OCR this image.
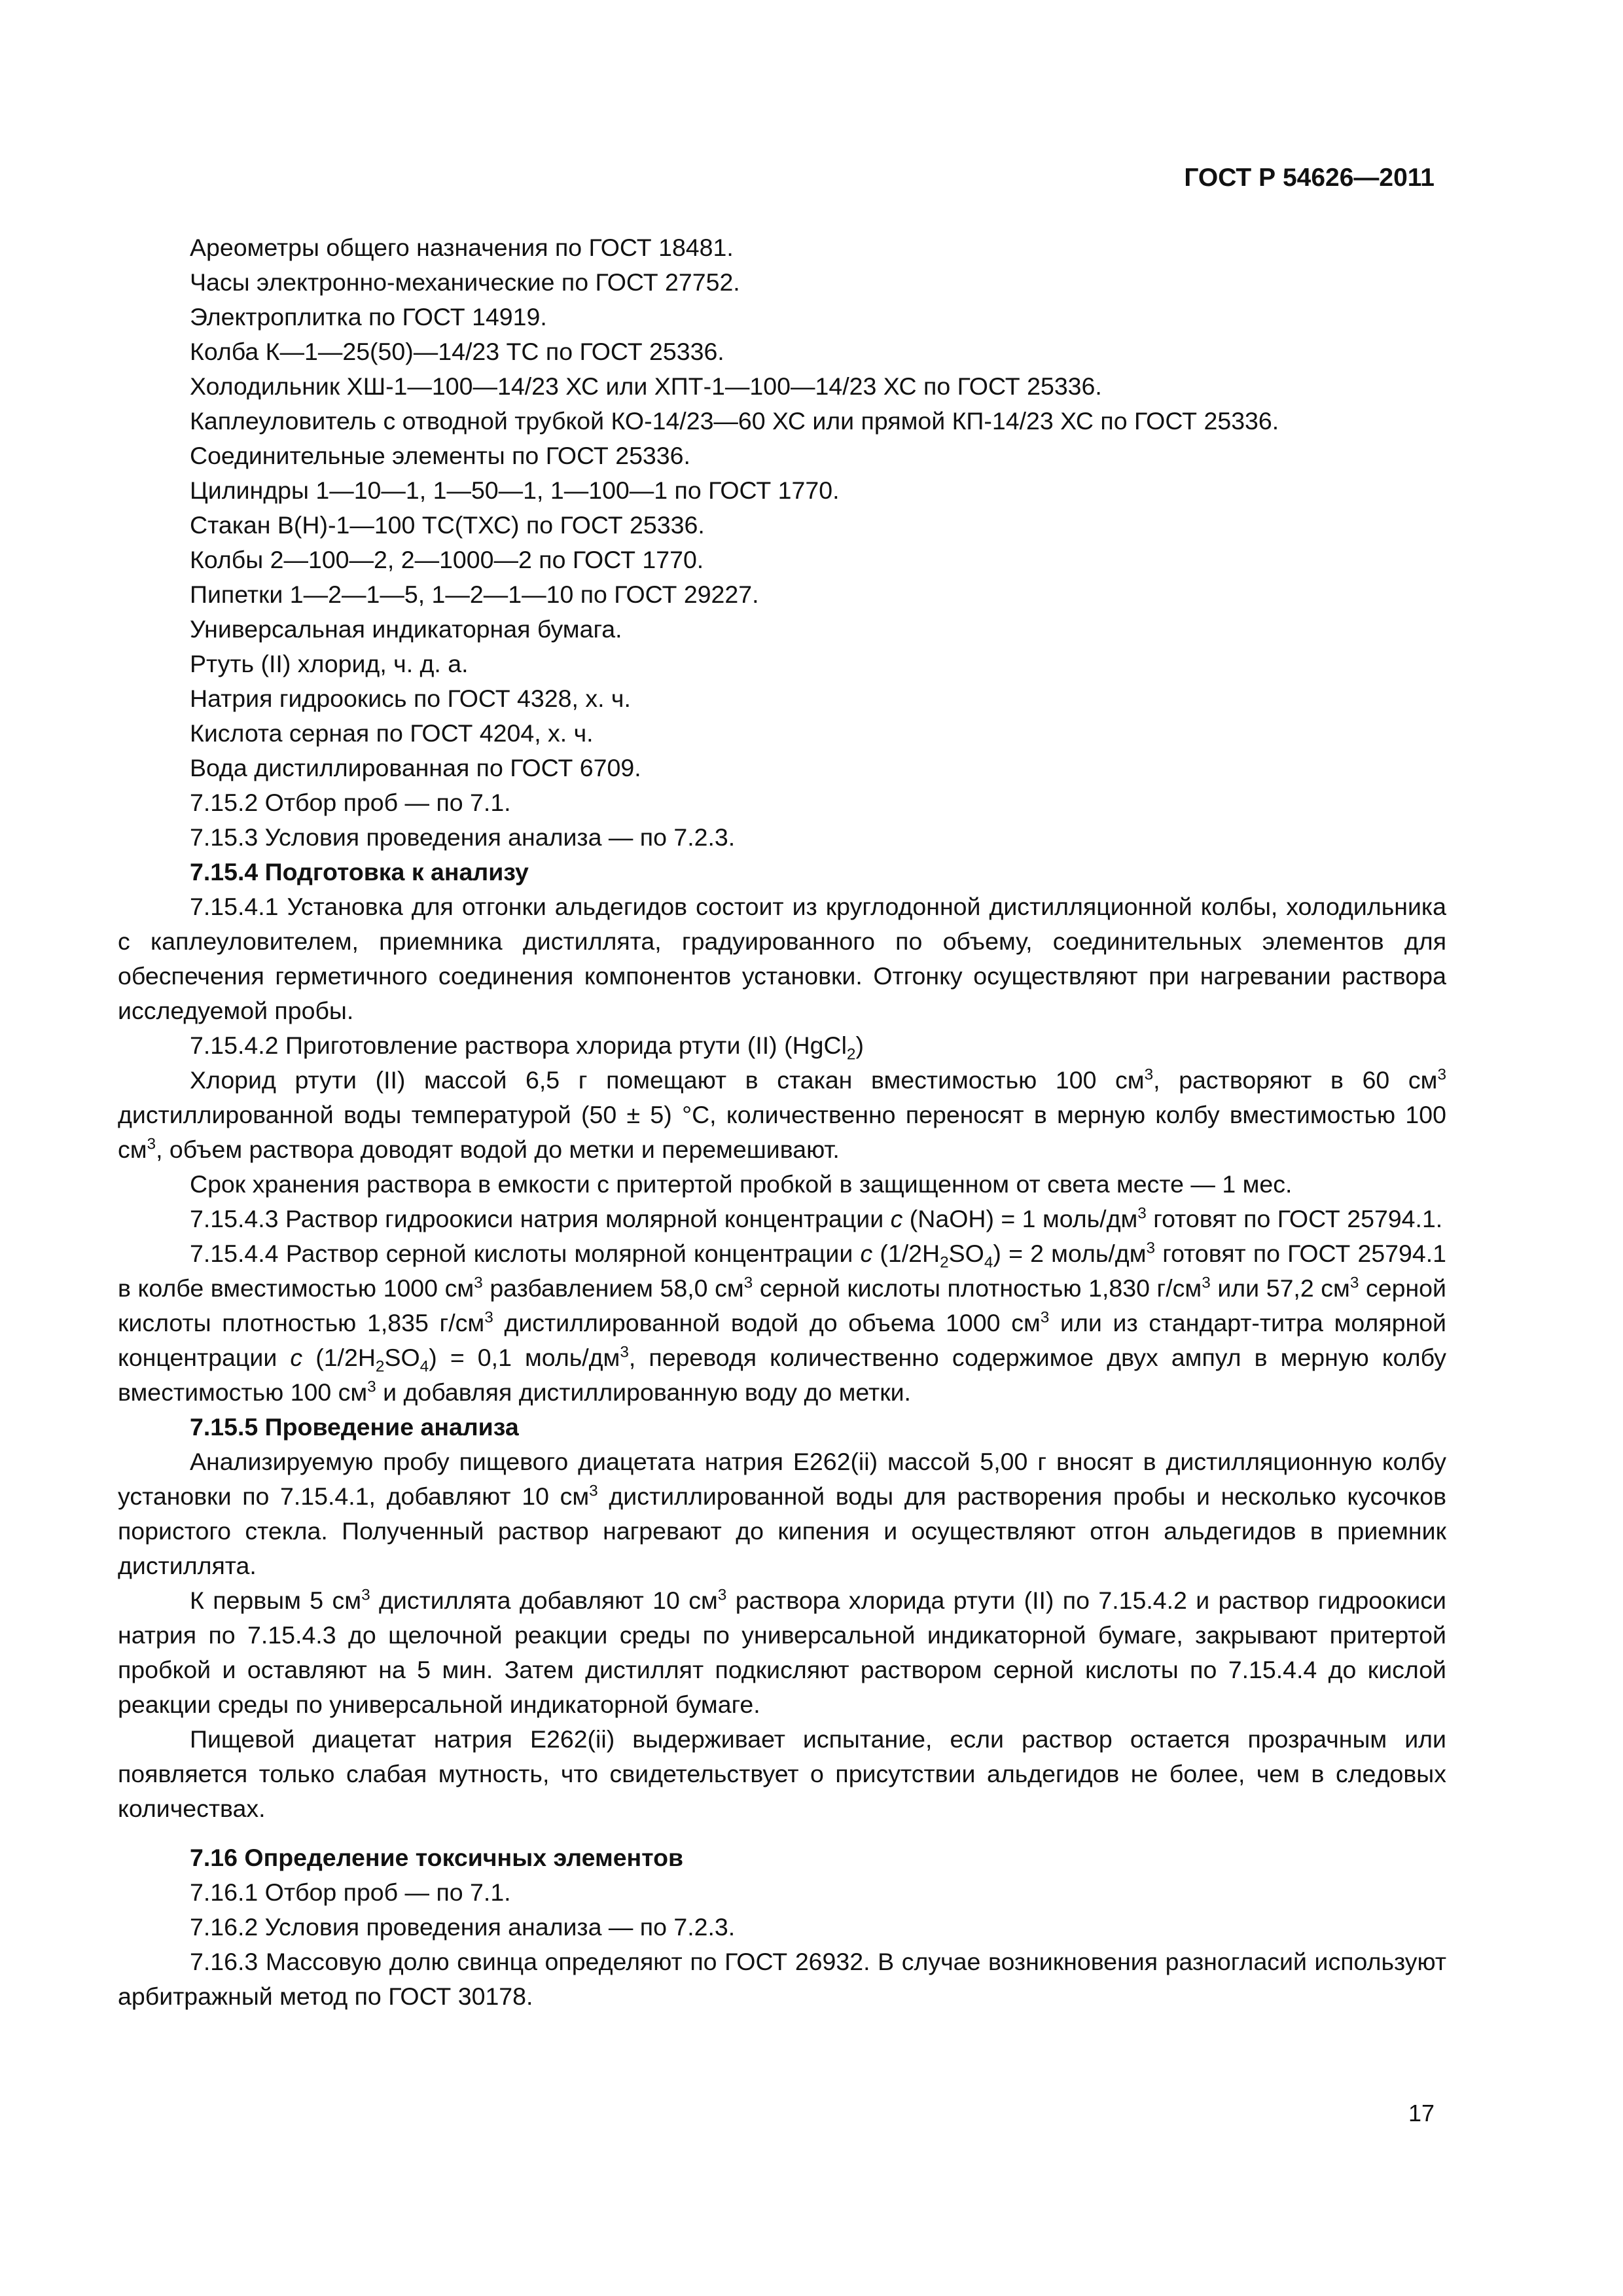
ГОСТ Р 54626—2011
Ареометры общего назначения по ГОСТ 18481.
Часы электронно-механические по ГОСТ 27752.
Электроплитка по ГОСТ 14919.
Колба К—1—25(50)—14/23 ТС по ГОСТ 25336.
Холодильник ХШ-1—100—14/23 ХС или ХПТ-1—100—14/23 ХС по ГОСТ 25336.
Каплеуловитель с отводной трубкой КО-14/23—60 ХС или прямой КП-14/23 ХС по ГОСТ 25336.
Соединительные элементы по ГОСТ 25336.
Цилиндры 1—10—1, 1—50—1, 1—100—1 по ГОСТ 1770.
Стакан В(Н)-1—100 ТС(ТХС) по ГОСТ 25336.
Колбы 2—100—2, 2—1000—2 по ГОСТ 1770.
Пипетки 1—2—1—5, 1—2—1—10 по ГОСТ 29227.
Универсальная индикаторная бумага.
Ртуть (II) хлорид, ч. д. а.
Натрия гидроокись по ГОСТ 4328, х. ч.
Кислота серная по ГОСТ 4204, х. ч.
Вода дистиллированная по ГОСТ 6709.
7.15.2 Отбор проб — по 7.1.
7.15.3 Условия проведения анализа — по 7.2.3.
7.15.4 Подготовка к анализу
7.15.4.1 Установка для отгонки альдегидов состоит из круглодонной дистилляционной колбы, холодильника с каплеуловителем, приемника дистиллята, градуированного по объему, соединительных элементов для обеспечения герметичного соединения компонентов установки. Отгонку осуществляют при нагревании раствора исследуемой пробы.
7.15.4.2 Приготовление раствора хлорида ртути (II) (HgCl$_2$)
Хлорид ртути (II) массой 6,5 г помещают в стакан вместимостью 100 $см^3$, растворяют в 60 $см^3$ дистиллированной воды температурой (50 ± 5) °С, количественно переносят в мерную колбу вместимостью 100 $см^3$, объем раствора доводят водой до метки и перемешивают.
Срок хранения раствора в емкости с притертой пробкой в защищенном от света месте — 1 мес.
7.15.4.3 Раствор гидроокиси натрия молярной концентрации с (NaOH) = 1 моль/$дм^3$ готовят по ГОСТ 25794.1.
7.15.4.4 Раствор серной кислоты молярной концентрации с $(1/2H_2SO_4) = 2$ моль/$дм^3$ готовят по ГОСТ 25794.1 в колбе вместимостью 1000 $см^3$ разбавлением 58,0 $см^3$ серной кислоты плотностью 1,830 $г/см^3$ или 57,2 $см^3$ серной кислоты плотностью 1,835 $г/см^3$ дистиллированной водой до объема 1000 $см^3$ или из стандарт-титра молярной концентрации с $(1/2H_2SO_4) = 0,1$ моль/$дм^3$, переводя количественно содержимое двух ампул в мерную колбу вместимостью 100 $см^3$ и добавляя дистиллированную воду до метки.
7.15.5 Проведение анализа
Анализируемую пробу пищевого диацетата натрия Е262(ii) массой 5,00 г вносят в дистилляционную колбу установки по 7.15.4.1, добавляют 10 $см^3$ дистиллированной воды для растворения пробы и несколько кусочков пористого стекла. Полученный раствор нагревают до кипения и осуществляют отгон альдегидов в приемник дистиллята.
К первым 5 $см^3$ дистиллята добавляют 10 $см^3$ раствора хлорида ртути (II) по 7.15.4.2 и раствор гидроокиси натрия по 7.15.4.3 до щелочной реакции среды по универсальной индикаторной бумаге, закрывают притертой пробкой и оставляют на 5 мин. Затем дистиллят подкисляют раствором серной кислоты по 7.15.4.4 до кислой реакции среды по универсальной индикаторной бумаге.
Пищевой диацетат натрия Е262(ii) выдерживает испытание, если раствор остается прозрачным или появляется только слабая мутность, что свидетельствует о присутствии альдегидов не более, чем в следовых количествах.
7.16 Определение токсичных элементов
7.16.1 Отбор проб — по 7.1.
7.16.2 Условия проведения анализа — по 7.2.3.
7.16.3 Массовую долю свинца определяют по ГОСТ 26932. В случае возникновения разногласий используют арбитражный метод по ГОСТ 30178.
17
